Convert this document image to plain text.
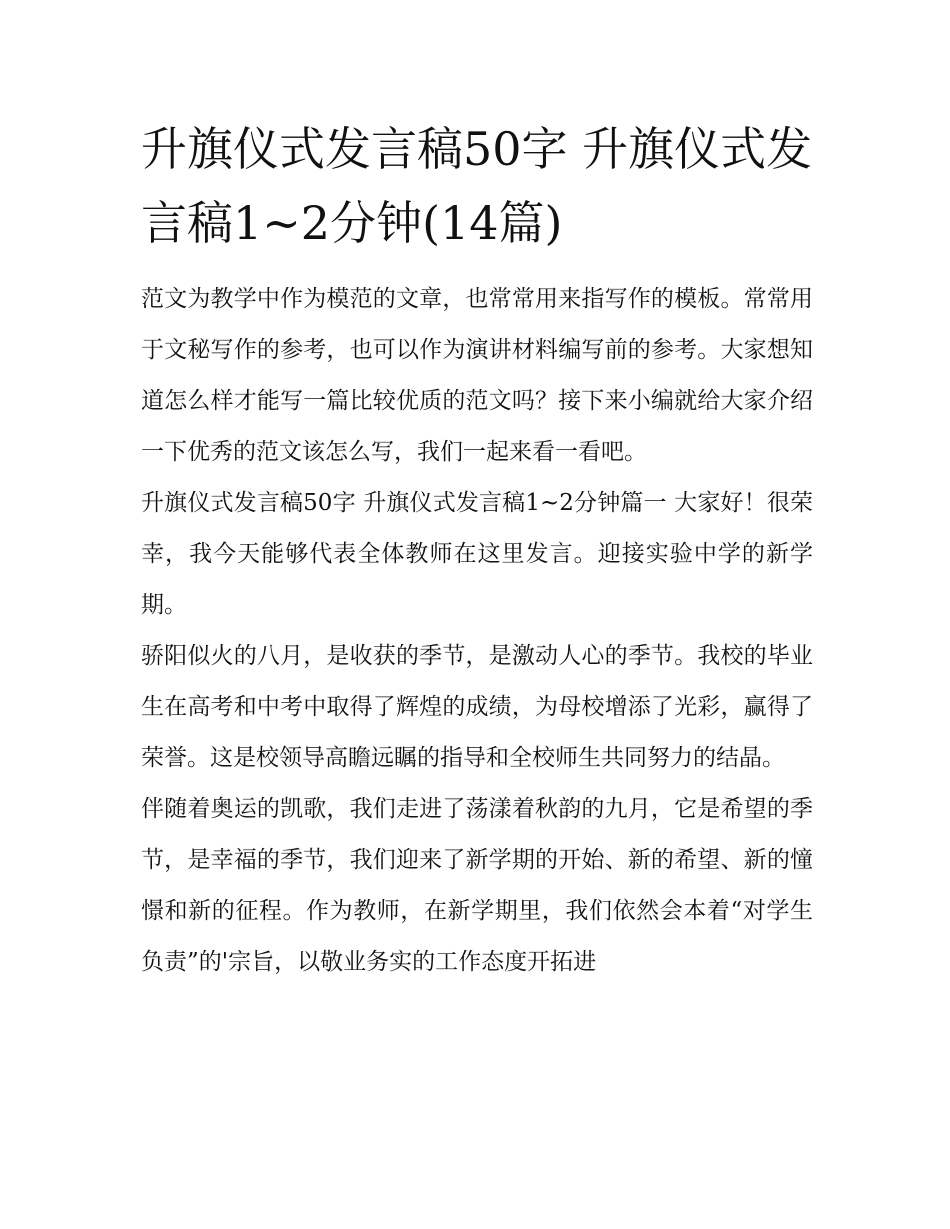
升旗仪式发言稿50字 升旗仪式发言稿1~2分钟(14篇)

范文为教学中作为模范的文章，也常常用来指写作的模板。常常用于文秘写作的参考，也可以作为演讲材料编写前的参考。大家想知道怎么样才能写一篇比较优质的范文吗？接下来小编就给大家介绍一下优秀的范文该怎么写，我们一起来看一看吧。

升旗仪式发言稿50字 升旗仪式发言稿1~2分钟篇一 大家好！很荣幸，我今天能够代表全体教师在这里发言。迎接实验中学的新学期。

骄阳似火的八月，是收获的季节，是激动人心的季节。我校的毕业生在高考和中考中取得了辉煌的成绩，为母校增添了光彩，赢得了荣誉。这是校领导高瞻远瞩的指导和全校师生共同努力的结晶。

伴随着奥运的凯歌，我们走进了荡漾着秋韵的九月，它是希望的季节，是幸福的季节，我们迎来了新学期的开始、新的希望、新的憧憬和新的征程。作为教师，在新学期里，我们依然会本着“对学生负责”的'宗旨，以敬业务实的工作态度开拓进
